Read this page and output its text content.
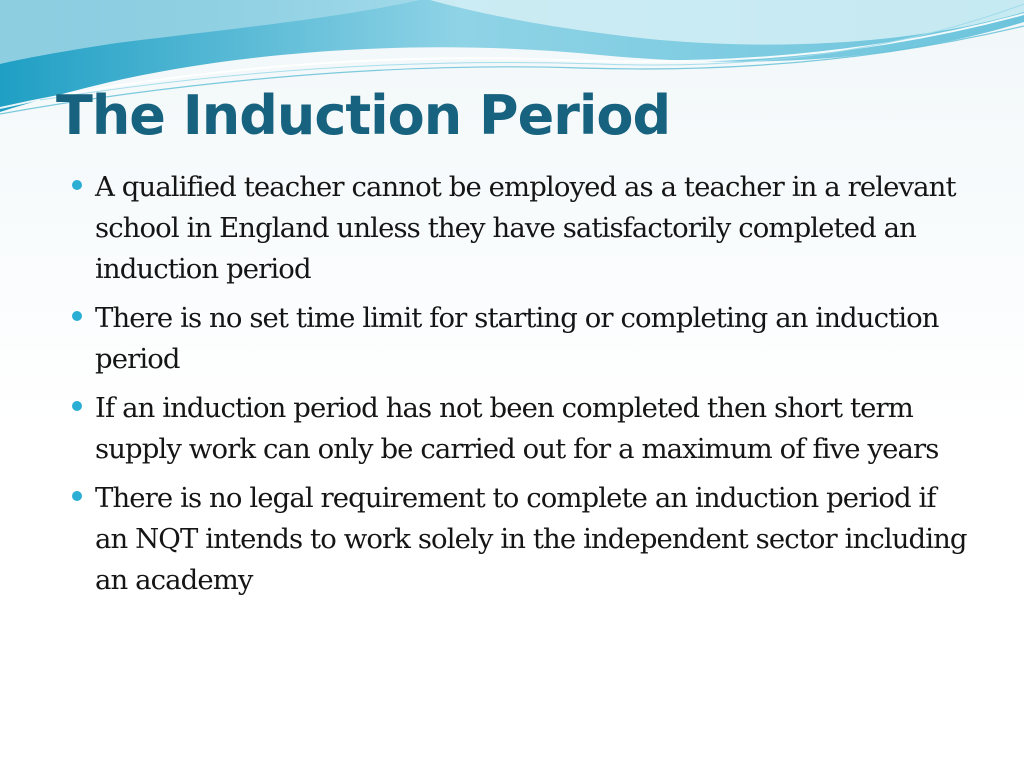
The Induction Period
A qualified teacher cannot be employed as a teacher in a relevant school in England unless they have satisfactorily completed an induction period
There is no set time limit for starting or completing an induction period
If an induction period has not been completed then short term supply work can only be carried out for a maximum of five years
There is no legal requirement to complete an induction period if an NQT intends to work solely in the independent sector including an academy
